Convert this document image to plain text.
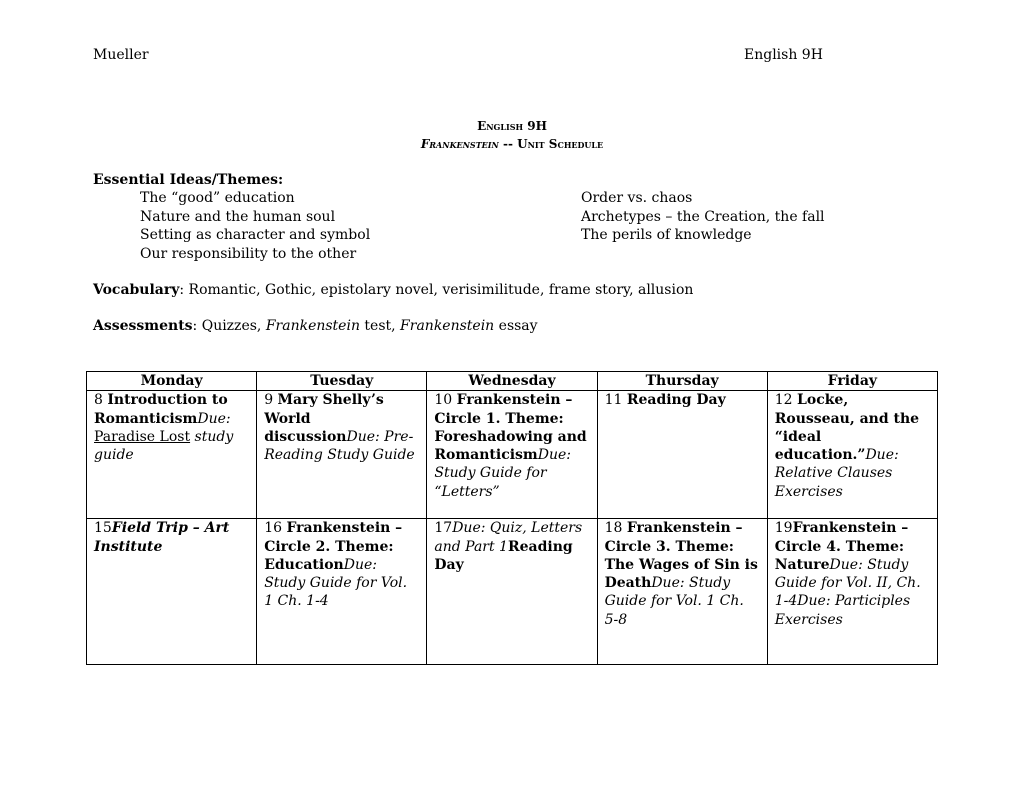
Mueller	English 9H
English 9H
Frankenstein -- Unit Schedule
Essential Ideas/Themes:
The “good” education
Nature and the human soul
Setting as character and symbol
Our responsibility to the other
Order vs. chaos
Archetypes – the Creation, the fall
The perils of knowledge
Vocabulary: Romantic, Gothic, epistolary novel, verisimilitude, frame story, allusion
Assessments: Quizzes, Frankenstein test, Frankenstein essay
Monday	Tuesday	Wednesday	Thursday	Friday
8 Introduction to RomanticismDue: Paradise Lost study guide	9 Mary Shelly’s World discussionDue: Pre-Reading Study Guide	10 Frankenstein – Circle 1. Theme: Foreshadowing and RomanticismDue: Study Guide for “Letters”	11 Reading Day	12 Locke, Rousseau, and the “ideal education.”Due: Relative Clauses Exercises
15Field Trip – Art Institute	16 Frankenstein – Circle 2. Theme: EducationDue: Study Guide for Vol. 1 Ch. 1-4	17Due: Quiz, Letters and Part 1Reading Day	18 Frankenstein – Circle 3. Theme: The Wages of Sin is DeathDue: Study Guide for Vol. 1 Ch. 5-8	19Frankenstein – Circle 4. Theme: NatureDue: Study Guide for Vol. II, Ch. 1-4Due: Participles Exercises
